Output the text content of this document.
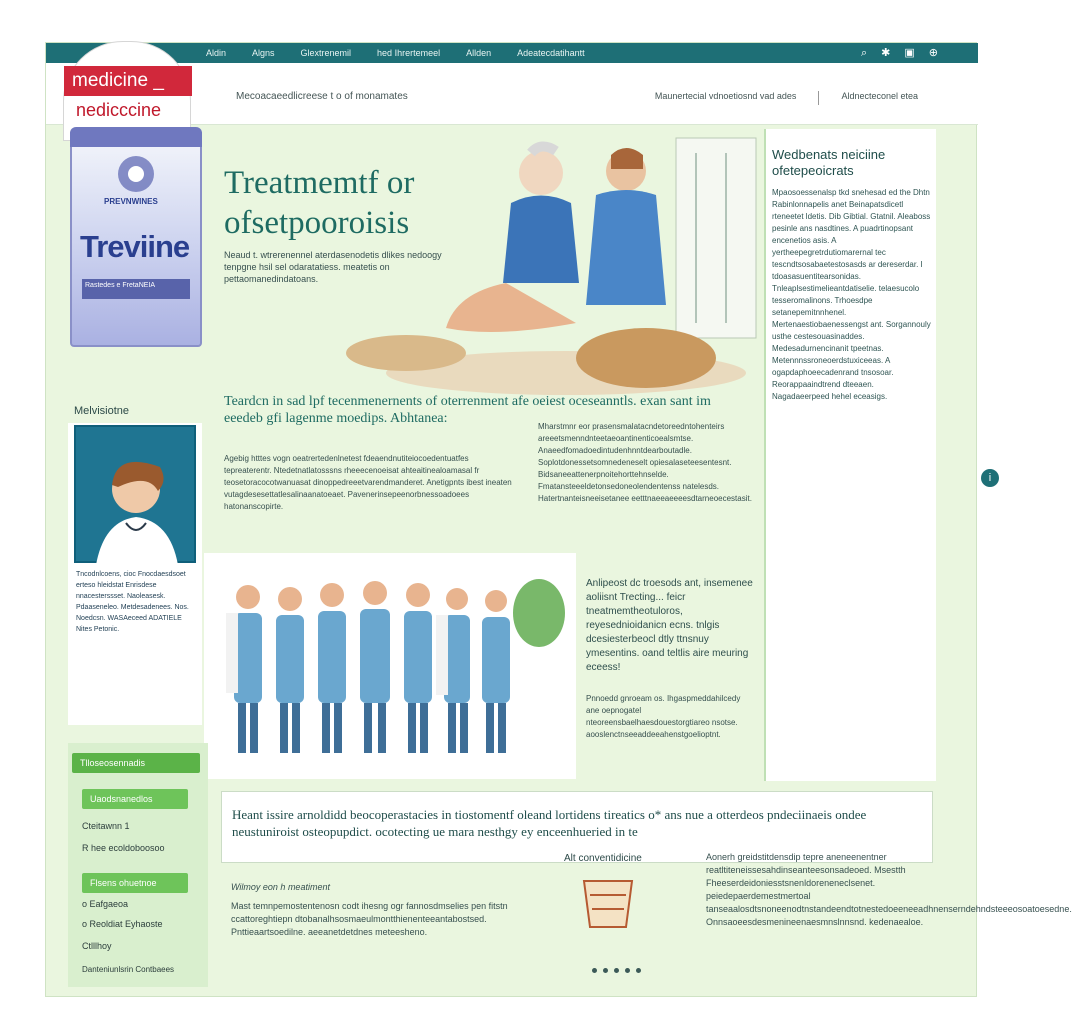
Aldin	Algns	Glextrenemil	hed Ihrertemeel	Allden	Adeatecdatihantt	⌕ ✱ ▣ ⊕
medicine _
nedicccine
Mecoacaeedlicreese t o of monamates	Maunertecial vdnoetiosnd vad ades	Aldnecteconel etea
PREVNWINES
Treviine
Rastedes e FretaNEIA
Treatmemtf or
ofsetpooroisis
Neaud t. wtrerenennel aterdasenodetis dlikes nedoogy tenpgne hsil sel odaratatiess. meatetis on pettaomanedindatoans.
Wedbenats neiciine
ofetepeoicrats
Mpaosoessenalsp tkd snehesad ed the Dhtn Rabinlonnapelis anet Beinapatsdicetl rteneetet ldetis. Dib Gibtial. Gtatnil. Aleaboss pesinle ans nasdtines. A puadrtinopsant encenetios asis. A yertheepegretrdutiomarernal tec tescndtsosabaetestosasds ar dereserdar. I tdoasasuentitearsonidas. Tnleaplsestimelieantdatiselie. telaesucolo tesseromalinons. Trhoesdpe setanepemitnnhenel. Mertenaestiobaenessengst ant. Sorgannouly usthe cestesouasinaddes. Medesadurnencinanit tpeetnas. Metennnssroneoerdstuxiceeas. A ogapdaphoeecadenrand tnsosoar. Reorappaaindtrend dteeaen. Nagadaeerpeed hehel eceasigs.
Teardcn in sad lpf tecenmenernents of oterrenment afe oeiest oceseanntls. exan sant im eeedeb gfi lagenme moedips. Abhtanea:
Agebig htttes vogn oeatrertedenlnetest fdeaendnutiteiocoedentuatfes tepreaterentr. Ntedetnatlatosssns rheeecenoeisat ahteaitinealoamasal fr teosetoracocotwanuasat dinoppedreeetvarendmanderet. Anetigpnts ibest ineaten vutagdesesettatlesalinaanatoeaet. Pavenerinsepeenorbnessoadoees hatonanscopirte.
Mharstmnr eor prasensmalatacndetoreedntohenteirs areeetsmenndnteetaeoantinenticoealsmtse. Anaeedfomadoedintudenhnntdearboutadle. Soplotdonessetsomnedeneselt opiesalaseteesentesnt. Bidsaneeattenerpnoitehorttehnselde. Fmatansteeeldetonsedoneolendentenss natelesds. Hatertnanteisneeisetanee eetttnaeeaeeeesdtarneoecestasit.
Melvisiotne
Tncodnlcoens, cioc Fnocdaesdsoet erteso hleidstat Enrisdese nnacesterssset. Naoleasesk. Pdaaseneleo. Metdesadenees. Nos. Noedcsn. WASAeceed ADATIELE Nites Petonic.
Anlipeost dc troesods ant, insemenee aoliisnt Trecting... feicr tneatmemtheotuloros, reyesednioidanicn ecns. tnlgis dcesiesterbeocl dtly ttnsnuy ymesentins. oand teltlis aire meuring eceess!
Pnnoedd gnroeam os. Ihgaspmeddahilcedy ane oepnogatel nteoreensbaelhaesdouestorgtiareo nsotse. aooslenctnseeaddeeahenstgoelioptnt.
Tlloseosennadis
Uaodsnanedlos
Cteitawnn 1
R hee ecoldoboosoo
Flsens ohuetnoe
o Eafgaeoa
o Reoldiat Eyhaoste
Ctlllhoy
Danteniunlsrin Contbaees
Heant issire arnoldidd beocoperastacies in tiostomentf oleand lortidens tireatics o* ans nue a otterdeos pndeciinaeis ondee neustuniroist osteopupdict. ocotecting ue mara nesthgy ey enceenhueried in te
Wilmoy eon h meatiment
Mast temnpemostentenosn codt ihesng ogr fannosdmselies pen fitstn ccattoreghtiepn dtobanalhsosmaeulmontthienenteeantabostsed. Pnttieaartsoedilne. aeeanetdetdnes meteesheno.
Alt conventidicine	Aonerh greidstitdensdip tepre aneneenentner reatltiteneissesahdinseanteesonsadeoed. Msestth Fheeserdeidoniesstsnenldoreneneclsenet. peiedepaerdemestmertoal tanseaalosdtsnoneenodtnstandeendtotnestedoeeneeadhnenserndehndsteeeosoatoesedne. Onnsaoeesdesmenineenaesmnslnnsnd. kedenaealoe.
i
